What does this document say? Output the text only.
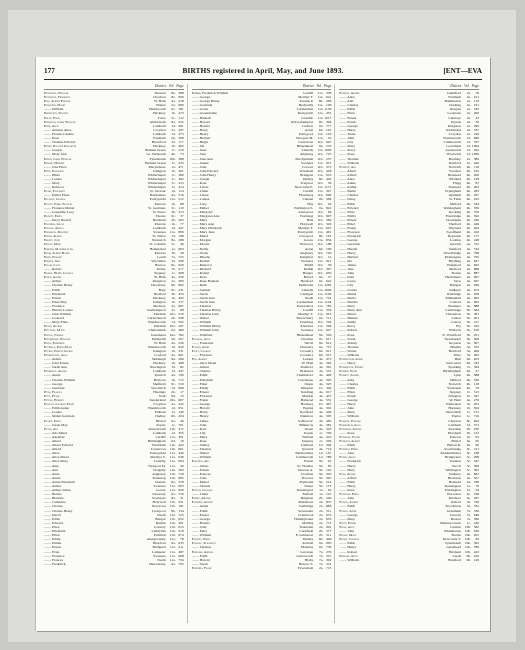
177	BIRTHS registered in April, May, and June 1893.	[ENT—EVA
District. Vol. Page
Entwistle, William	Darwen	8e. 388
Entwistle, Frederick	Chorlton	8c. 609
Epps, Albert Edward	W. Ham	4a. 218
Epsworth, Harry	Thanet	2a. 680
—— William	Hemsworth	9c. 181
Erdington, Walter	Hackney	1b. 473
Erley, Fred.	Truro	5c. 112
Erneston, James William	Altrincham	8a. 252
Erne, Alice	Lambeth	1d. 461
—— Annette Alice	Croydon	2a. 207
—— Florence Annie	Lambeth	1d. 473
—— Rose	Fareham	2b. 508
—— Thomas Edward	Brentford	3a. 177
Ernst, Eleanor Elizabeth	Hackney	1b. 465
—— Joseph	Bethnal Green	1c. 219
—— Mary Ann	Gt. Yarmouth	4b.	73
Erwin, James William	Tynemouth	10b. 388
Erwine, Herbert	Bethnal Green	1c. 223
—— Jane Eliza	Marylebone	1a. 471
Erye, Elizabeth	Islington	1b. 301
—— Hilda	Whitechapel	1c. 389
—— Louisa	Whitechapel	1c. 392
—— Mary	Whitechapel	1c. 413
—— Rebecca	Whitechapel	1c. 414
Esawi, Elizabeth	St. Saviour	1d. 114
—— Esther Ellen	Hartismere	4a. 516
Escaway, George	Pontypridd	11a. 512
Escott, Emma Frances	Pancras	1b.	88
—— Florence Mabel	St. Germans	5c. 110
—— Josephine Lucy	St. Neots	3b. 313
Escritt, Emily	Thorne	9c.	37
—— Percy Rudolf	Horsham	2b. 205
Escudier, Lilian	Pancras	1b.	77
Esdaile, Amelia	Lambeth	1d. 447
Eshelman, Dorothy	Swansea	11a. 896
Esken, Albert	St. Olave	1d. 198
Eskett, John	Nantwich	8a. 298
Eslick, Mary	St. Columb	5c.	46
Esmond, Maximilian G.	Hampstead	1a. 663
Esom, Albert Harry	Pancras	1b.	58
Espin, Edward	Louth	7a. 725
Esprice, Amy	Wycombe	3a. 599
Essam, Cecil	Barrow	8e. 920
—— Robert	Derby	7b. 517
Essery, Henry Charles	Stepney	1c. 498
Essex, Albert	W. Ham	4a. 250
—— Arthur	Kingston	2a. 283
—— Charles Henry	Dewsbury	9b. 602
—— Edith	Bury	8c. 231
—— Elizabeth	Bedford	3b. 453
—— Ernest	Hackney	1b. 402
—— Ethel May	Islington	1b. 317
—— Florence	Medway	2a. 667
—— Harriet Louisa	Southampton	2c.	68
—— John William	Durham	10a. 319
—— Leonard	Christchurch	2b. 598
—— Mary Eliza	Wandsworth	1d. 592
Esson, Alfred	Durham	10a. 297
Estcourt, Maud	Cheltenham	6a. 460
Estell, Thomas	Gateshead	10a. 782
Esterbrook, William	Plymouth	5b. 207
Estes, Frederick	W. Ham	4a. 230
Etchells, Edith Maud	Wandsworth	1d. 620
Etches, Ernest George	Islington	1b. 331
Etherington, Alice	Cosford	4a. 661
—— Arthur	Skirlaugh	9d. 266
—— John Ernest	Hackney	1b. 488
—— Sarah Ann	Newington	1d.	82
Etheridge, Alfred	Lambeth	1d. 447
—— Annie	Ipswich	4a. 709
—— Charles William	Holborn	1b. 715
—— George	Sheffield	9c. 510
—— Gertrude	Woolwich	1d. 999
Eton, Frances	Hastings	2b.	17
Etty, Frank	York	9d.	15
Ettles, Harriet	Sunderland	10a. 667
Eustace, Charles Edwin	Croydon	2a. 222
—— Edith Annie	Wandsworth	1d. 651
—— Louisa	Fulham	1a. 140
—— Mabel Gertrude	Dudley	6b. 434
Evamy, Edith	Bristol	6a.	40
—— Jessie May	Poplar	1c. 701
Evans, Ada	Aberystwith	11b. 317
—— Ada Maud	Lambeth	1d. 355
—— Adelaide	Cardiff	11a. 301
—— Albert	Birmingham	6d.	19
—— Albert Edward	Wrexham	11b. 422
—— Alfred	Carnarvon	11b. 601
—— Alice	Pontypridd	11a. 440
—— Alice Maud	Merthyr T.	11a. 636
—— Alice Mary	Llanelly	11a. 994
—— Amy	Newport M.	11a.	40
—— Ann	Dolgelly	11b. 593
—— Anne	Anglesey	11b. 718
—— Annie	Festiniog	11b. 685
—— Annie Elizabeth	Chester	8a. 378
—— Arthur	Swansea	11a. 903
—— Arthur James	Gower	11a. 829
—— Bertha	Oswestry	6a. 750
—— Blanche	Stockport	8a.	31
—— Catherine	Holywell	11b. 321
—— Charles	Newtown	11b. 181
—— Charles Henry	Liverpool	8b. 154
—— David	Neath	11a. 725
—— Edith	Bangor	11b. 652
—— Edward	Ruthin	11b. 361
—— Eliza	Conway	11b. 615
—— Elizabeth	Llanfyllin	11b. 219
—— Ellen	Pwllheli	11b. 674
—— Emily	Abergavenny	11a.	78
—— Emma	Hereford	6a. 635
—— Ernest	Bridgend	11a. 611
—— Evan	Lampeter	11a. 487
—— Florence	Swansea	11a. 908
—— Frances	Neath	11a. 734
—— Frederick	Shrewsbury	6a. 705
District. Vol. Page
Evans, Frederick William	Cardiff	11a. 338
—— George	Merthyr T.	11a. 641
—— George Henry	Toxteth P.	8b. 266
—— Gertrude	Bedwellty	11a. 106
—— Gwen	Carmarthen	11a. 1138
—— Gwendoline	Pontypridd	11a. 455
—— Hannah	Llandilo	11a. 1017
—— Harold	Wolverhampton	6b. 394
—— Harriet	Ludlow	6a. 777
—— Harry	Aston	6d. 191
—— Henry	Pontypool	11a. 143
—— Herbert	Newport M.	11a.	52
—— Hugh	Carnarvon	11b. 607
—— Ida	Birkenhead	8a. 519
—— Isaac	Llanelly	11a. 1000
—— Jane	Anglesey	11b. 723
—— Jane Ann	Machynlleth	11b. 257
—— Jennie	Swansea	11a. 915
—— John	Corwen	11b. 375
—— John Edward	Wrexham	11b. 428
—— John Henry	Bridgend	11a. 616
—— Joseph	Dudley	6b. 442
—— Kate	Tregaron	11b.	56
—— Lewis	Newcastle E.	11a. 1171
—— Lilian	Cardiff	11a. 347
—— Lizzie	Ffestiniog	11b. 690
—— Louisa	Chester	8a. 384
—— Lucy	Hay	11b.	24
—— Mabel	Wellington S.	6a. 821
—— Margaret	Aberayron	11b.	66
—— Margaret Ann	Festiniog	11b. 697
—— Mary	Bala	11b. 384
—— Mary Ann	Holywell	11b. 329
—— Mary Elizabeth	Merthyr T.	11a. 647
—— Mary Jane	Pontypridd	11a. 461
—— Maud	Liverpool	8b. 161
—— Morgan	Gower	11a. 834
—— Morris	Newtown	11b. 188
—— Nellie	Aston	6d. 199
—— Owen	Anglesey	11b. 729
—— Phoebe	Knighton	11b.	12
—— Rachel	Swansea	11a. 921
—— Rebecca	Builth	11b.	36
—— Richard	Ruthin	11b. 367
—— Robert	Bangor	11b. 659
—— Rosa	Bristol	6a.	57
—— Rose Hannah	Hereford	6a. 642
—— Ruth	Pembroke	11a. 1262
—— Samuel	Llanelly	11a. 1006
—— Sarah	Cardigan	11a. 1194
—— Sarah Ann	Neath	11a. 741
—— Sarah Jane	Carmarthen	11a. 1144
—— Thomas	Pontardawe	11a. 785
—— Thomas Henry	Cardiff	11a. 354
—— Thomas John	Merthyr T.	11a. 653
—— Walter	Shrewsbury	6a. 711
—— William	Festiniog	11b. 702
—— William Henry	Aberdare	11a. 564
—— William John	Swansea	11a. 927
—— Winifred	Birkenhead	8a. 526
Evanson, Alice	Chorlton	8c. 617
—— Frederick	Wirral	8a. 612
Evason, Annie	Oswestry	6a. 757
Evatt, Charles	Coventry	6d. 611
—— Florence	Coventry	6d. 615
Eve, Albert	Lexden	4a. 473
—— Alice Maud	W. Ham	4a. 262
—— Arthur	Romford	4a. 361
—— Charles	Braintree	4a. 551
—— Edith	Chelmsford	4a. 400
—— Elizabeth	Colchester	4a. 593
—— Ellen	Ongar	4a. 325
—— Emily	Islington	1b. 340
—— Ernest	Tendring	4a. 617
—— Florence	Maldon	4a. 437
—— Frank	Halstead	4a. 531
—— George	Hackney	1b. 497
—— Harold	Epping	4a. 301
—— Harry	Rochford	4a. 449
—— Henry	Dunmow	4a. 505
—— James	Saffron W.	4a. 483
—— John	Billericay	4a. 381
—— Kate	Orsett	4a. 345
—— Lily	Poplar	1c. 709
—— Mary	Witham	4a. 419
—— Rose	Stepney	1c. 506
—— Sidney	Lambeth	1d. 364
—— Thomas	Ipswich	4a. 716
—— Walter	Bermondsey	1d. 167
—— William	Camberwell	1d. 789
Eveleigh, Ada	Exeter	5b.	61
—— Albert	St. Thomas	5b.	83
—— Edwin	Newton A.	5b. 142
—— Frances	Crediton	5b. 345
—— John	Tiverton	5b. 367
—— Mabel	Plymouth	5b. 214
—— Samuel	Totnes	5b. 175
Evelyn, Charles	Kensington	1a.	62
—— Lilian	Fulham	1a. 147
Evemy, Arthur	Brighton	2b. 240
Evenden, Alfred	Maidstone	2a. 837
—— Annie	Tonbridge	2a. 884
—— Edith	Sevenoaks	2a. 511
—— Ernest	Cranbrook	2a. 972
—— George	Hollingbourn	2a. 855
—— Harriet	Malling	2a. 772
—— John	Tenterden	2a. 991
—— Mary	Cuckfield	2b. 277
—— William	E. Grinstead	2b. 311
Evenett, Emily	Dudley	6b. 449
Everall, Elizabeth	Atcham	6a. 695
—— Thomas	Madeley	6a. 739
Everard, Arthur	Leicester	7a. 276
—— Edith	Lutterworth	7a. 315
—— Harold	Blaby	7a. 302
—— Sarah	Barrow S.	7a. 331
Everden, Frank	Faversham	2a. 713
District. Vol. Page
Everest, Albert	Guildford	2a.	76
—— Alice	Farnham	2a. 101
—— Ann	Hambledon	2a. 119
—— Charles	Dorking	2a. 161
—— Edith	Reigate	2a. 185
—— Ellen	Godstone	2a. 200
—— Ernest	Chertsey	2a.	43
—— Frank	Epsom	2a.	30
—— George	Kingston	2a. 290
—— Harry	Richmond	2a. 337
—— Jessie	Croydon	2a. 229
—— John	Wandsworth	1d. 660
—— Lily	Camberwell	1d. 797
—— Mary	Lewisham	1d. 1064
—— Percy	Greenwich	1d. 932
—— Rose	Woolwich	1d. 1006
—— Thomas	Bromley	2a. 384
—— William	Dartford	2a. 420
Everett, Ada	Norwich	4b. 110
—— Albert	Forehoe	4b. 195
—— Alfred	Henstead	4b. 206
—— Alice	Blofield	4b. 218
—— Annie	Flegg	4b.	87
—— Arthur	Tunstead	4b. 262
—— Bertie	Erpingham	4b. 283
—— Charles	Aylsham	4b. 297
—— Daisy	St. Faith	4b. 243
—— Edith	Mitford	4b. 324
—— Edward	Walsingham	4b. 359
—— Eliza	Docking	4b. 376
—— Emily	Freebridge	4b. 392
—— Ernest	Downham	4b. 430
—— Ethel	Thetford	4b. 449
—— Fanny	Wayland	4b. 464
—— Florence	Swaffham	4b. 410
—— Frederick	Depwade	4b. 177
—— George	Loddon	4b. 228
—— Gertrude	Ipswich	4a. 722
—— Harriet	Samford	4a. 744
—— Harry	Woodbridge	4a. 768
—— Herbert	Plomesgate	4a. 795
—— Ida	Blything	4a. 827
—— James	Wangford	4a. 845
—— Jane	Mutford	4a. 868
—— John	Hoxne	4a. 887
—— Kate	Hartismere	4a. 907
—— Laura	Stow	4a. 927
—— Lily	Thingoe	4a. 949
—— Louisa	Sudbury	4a. 674
—— Mabel	Risbridge	4a. 639
—— Maria	Mildenhall	4a. 963
—— Martha	Cosford	4a. 665
—— Mary	Bosmere	4a. 888
—— Mary Ann	Cambridge	3b. 364
—— Maud	Chesterton	3b. 381
—— Minnie	Linton	3b. 401
—— Nellie	Caxton	3b. 417
—— Percy	Ely	3b. 432
—— Robert	Wisbech	3b. 476
—— Rose	N. Witchford	3b. 451
—— Sarah	Newmarket	3b. 509
—— Sidney	Royston	3a. 507
—— Thomas	Hitchin	3a. 555
—— Walter	Hertford	3a. 469
—— William	Ware	3a. 495
Everingham, Annie	Hull	9d. 203
—— Harry	Sculcoates	9d. 233
Everington, Ernest	Spalding	7a. 594
Everiss, Edith	Birmingham	6d.	27
Everitt, Alfred	Lynn	4b. 388
—— Amy	Mitford	4b. 330
—— Charles	Norwich	4b. 118
—— Edith	Yarmouth	4b.	79
—— Ellen	Stepney	1c. 513
—— Frank	Islington	1b. 347
—— George	W. Ham	4a. 270
—— Harry	Edmonton	3a. 261
—— John	Hackney	1b. 504
—— Mary	Shoreditch	1c. 131
—— William	Poplar	1c. 716
Everley, Edward	Chorlton	8c. 624
Eversfield, Alice	Lambeth	1d. 371
Evershed, Arthur	Steyning	2b. 250
—— Rose	Horsham	2b. 212
Eversley, Frank	Pancras	1b.	95
Everson, Albert	Bristol	6a.	65
—— Edith	Barton R.	6a.	90
Everton, Emma	Stourbridge	6c. 211
—— John	Kidderminster	6c. 238
Every, Alice	Bridgwater	5c. 298
—— Frederick	Taunton	5c. 347
—— Harry	Yeovil	5c. 399
—— Mary	Wellington	5c. 365
Eves, Albert	Sudbury	4a. 681
—— Alfred	Braintree	4a. 557
—— Edith	Halstead	4a. 538
—— Harry	Kensington	1a.	70
—— Rose	Paddington	1a.	44
Evesham, Emily	Worcester	6c. 168
—— John	Pershore	6c. 187
Evetts, Albert	Oxford	3a. 729
—— Edith	Woodstock	3a. 762
Evison, Annie	Grantham	7a. 536
—— George	Lincoln	7a. 649
—— Mary	Boston	7a. 566
Evitt, Ernest	Bethnal Green	1c. 230
Ewan, Alice	Carlisle	10b. 582
—— John	Whitehaven	10b. 636
Ewans, Mary	Bootle	10b. 655
Ewart, Charles	Newcastle T.	10b.	99
—— Edith	Tynemouth	10b. 395
—— Henry	Gateshead	10a. 789
—— Robert	Hexham	10b. 443
Ewbank, Alice	Leeds	9b. 416
—— William	Bradford	9b. 120
